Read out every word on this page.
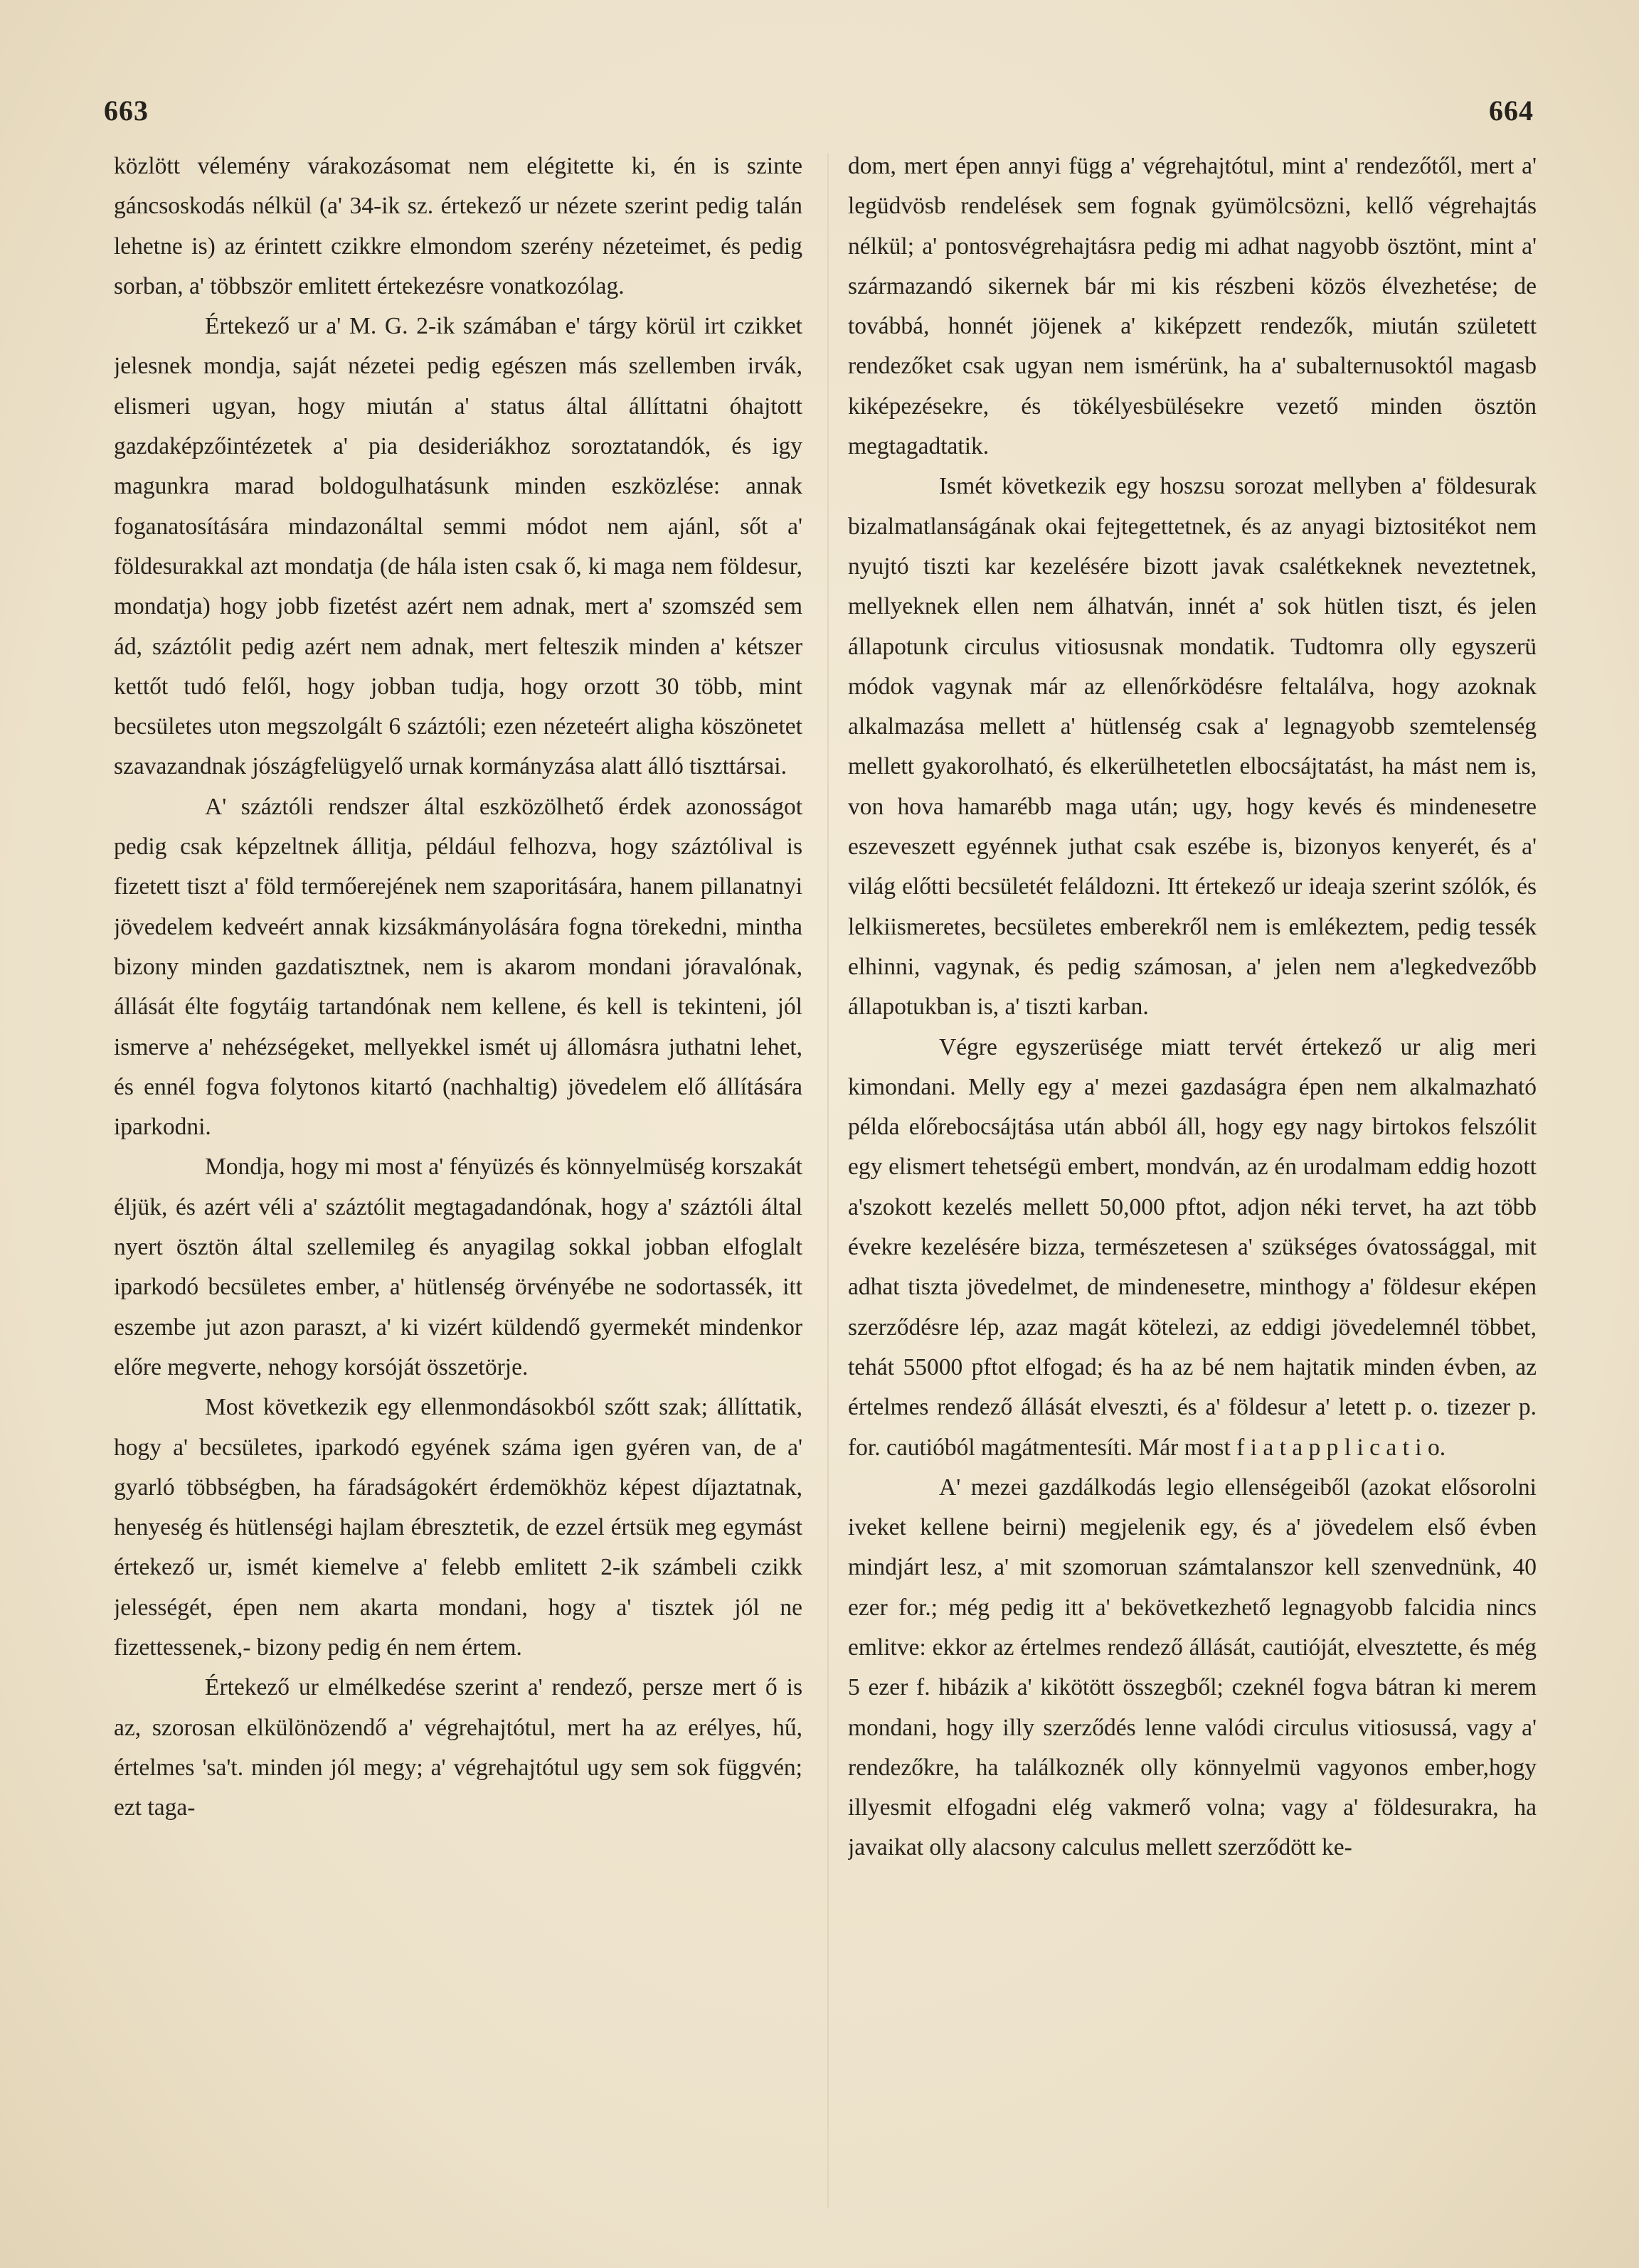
663	664

közlött vélemény várakozásomat nem elégitette ki, én is szinte gáncsoskodás nélkül (a' 34-ik sz. értekező ur nézete szerint pedig talán lehetne is) az érintett czikkre elmondom szerény nézeteimet, és pedig sorban, a' többször emlitett értekezésre vonatkozólag.

Értekező ur a' M. G. 2-ik számában e' tárgy körül irt czikket jelesnek mondja, saját nézetei pedig egészen más szellemben irvák, elismeri ugyan, hogy miután a' status által állíttatni óhajtott gazdaképzőintézetek a' pia desideriákhoz soroztatandók, és igy magunkra marad boldogulhatásunk minden eszközlése: annak foganatosítására mindazonáltal semmi módot nem ajánl, sőt a' földesurakkal azt mondatja (de hála isten csak ő, ki maga nem földesur, mondatja) hogy jobb fizetést azért nem adnak, mert a' szomszéd sem ád, száztólit pedig azért nem adnak, mert felteszik minden a' kétszer kettőt tudó felől, hogy jobban tudja, hogy orzott 30 több, mint becsületes uton megszolgált 6 száztóli; ezen nézeteért aligha köszönetet szavazandnak jószágfelügyelő urnak kormányzása alatt álló tiszttársai.

A' száztóli rendszer által eszközölhető érdek azonosságot pedig csak képzeltnek állitja, például felhozva, hogy száztólival is fizetett tiszt a' föld termőerejének nem szaporitására, hanem pillanatnyi jövedelem kedveért annak kizsákmányolására fogna törekedni, mintha bizony minden gazdatisztnek, nem is akarom mondani jóravalónak, állását élte fogytáig tartandónak nem kellene, és kell is tekinteni, jól ismerve a' nehézségeket, mellyekkel ismét uj állomásra juthatni lehet, és ennél fogva folytonos kitartó (nachhaltig) jövedelem elő állítására iparkodni.

Mondja, hogy mi most a' fényüzés és könnyelmüség korszakát éljük, és azért véli a' száztólit megtagadandónak, hogy a' száztóli által nyert ösztön által szellemileg és anyagilag sokkal jobban elfoglalt iparkodó becsületes ember, a' hütlenség örvényébe ne sodortassék, itt eszembe jut azon paraszt, a' ki vizért küldendő gyermekét mindenkor előre megverte, nehogy korsóját összetörje.

Most következik egy ellenmondásokból szőtt szak; állíttatik, hogy a' becsületes, iparkodó egyének száma igen gyéren van, de a' gyarló többségben, ha fáradságokért érdemökhöz képest díjaztatnak, henyeség és hütlenségi hajlam ébresztetik, de ezzel értsük meg egymást értekező ur, ismét kiemelve a' felebb emlitett 2-ik számbeli czikk jelességét, épen nem akarta mondani, hogy a' tisztek jól ne fizettessenek,- bizony pedig én nem értem.

Értekező ur elmélkedése szerint a' rendező, persze mert ő is az, szorosan elkülönözendő a' végrehajtótul, mert ha az erélyes, hű, értelmes 'sa't. minden jól megy; a' végrehajtótul ugy sem sok függvén; ezt taga-

dom, mert épen annyi függ a' végrehajtótul, mint a' rendezőtől, mert a' legüdvösb rendelések sem fognak gyümölcsözni, kellő végrehajtás nélkül; a' pontosvégrehajtásra pedig mi adhat nagyobb ösztönt, mint a' származandó sikernek bár mi kis részbeni közös élvezhetése; de továbbá, honnét jöjenek a' kiképzett rendezők, miután született rendezőket csak ugyan nem ismérünk, ha a' subalternusoktól magasb kiképezésekre, és tökélyesbülésekre vezető minden ösztön megtagadtatik.

Ismét következik egy hoszsu sorozat mellyben a' földesurak bizalmatlanságának okai fejtegettetnek, és az anyagi biztositékot nem nyujtó tiszti kar kezelésére bizott javak csalétkeknek neveztetnek, mellyeknek ellen nem álhatván, innét a' sok hütlen tiszt, és jelen állapotunk circulus vitiosusnak mondatik. Tudtomra olly egyszerü módok vagynak már az ellenőrködésre feltalálva, hogy azoknak alkalmazása mellett a' hütlenség csak a' legnagyobb szemtelenség mellett gyakorolható, és elkerülhetetlen elbocsájtatást, ha mást nem is, von hova hamarébb maga után; ugy, hogy kevés és mindenesetre eszeveszett egyénnek juthat csak eszébe is, bizonyos kenyerét, és a' világ előtti becsületét feláldozni. Itt értekező ur ideaja szerint szólók, és lelkiismeretes, becsületes emberekről nem is emlékeztem, pedig tessék elhinni, vagynak, és pedig számosan, a' jelen nem a'legkedvezőbb állapotukban is, a' tiszti karban.

Végre egyszerüsége miatt tervét értekező ur alig meri kimondani. Melly egy a' mezei gazdaságra épen nem alkalmazható példa előrebocsájtása után abból áll, hogy egy nagy birtokos felszólit egy elismert tehetségü embert, mondván, az én urodalmam eddig hozott a'szokott kezelés mellett 50,000 pftot, adjon néki tervet, ha azt több évekre kezelésére bizza, természetesen a' szükséges óvatossággal, mit adhat tiszta jövedelmet, de mindenesetre, minthogy a' földesur eképen szerződésre lép, azaz magát kötelezi, az eddigi jövedelemnél többet, tehát 55000 pftot elfogad; és ha az bé nem hajtatik minden évben, az értelmes rendező állását elveszti, és a' földesur a' letett p. o. tizezer p. for. cautióból magátmentesíti. Már most f i a t a p p l i c a t i o.

A' mezei gazdálkodás legio ellenségeiből (azokat elősorolni iveket kellene beirni) megjelenik egy, és a' jövedelem első évben mindjárt lesz, a' mit szomoruan számtalanszor kell szenvednünk, 40 ezer for.; még pedig itt a' bekövetkezhető legnagyobb falcidia nincs emlitve: ekkor az értelmes rendező állását, cautióját, elvesztette, és még 5 ezer f. hibázik a' kikötött összegből; czeknél fogva bátran ki merem mondani, hogy illy szerződés lenne valódi circulus vitiosussá, vagy a' rendezőkre, ha találkoznék olly könnyelmü vagyonos ember,hogy illyesmit elfogadni elég vakmerő volna; vagy a' földesurakra, ha javaikat olly alacsony calculus mellett szerződött ke-
